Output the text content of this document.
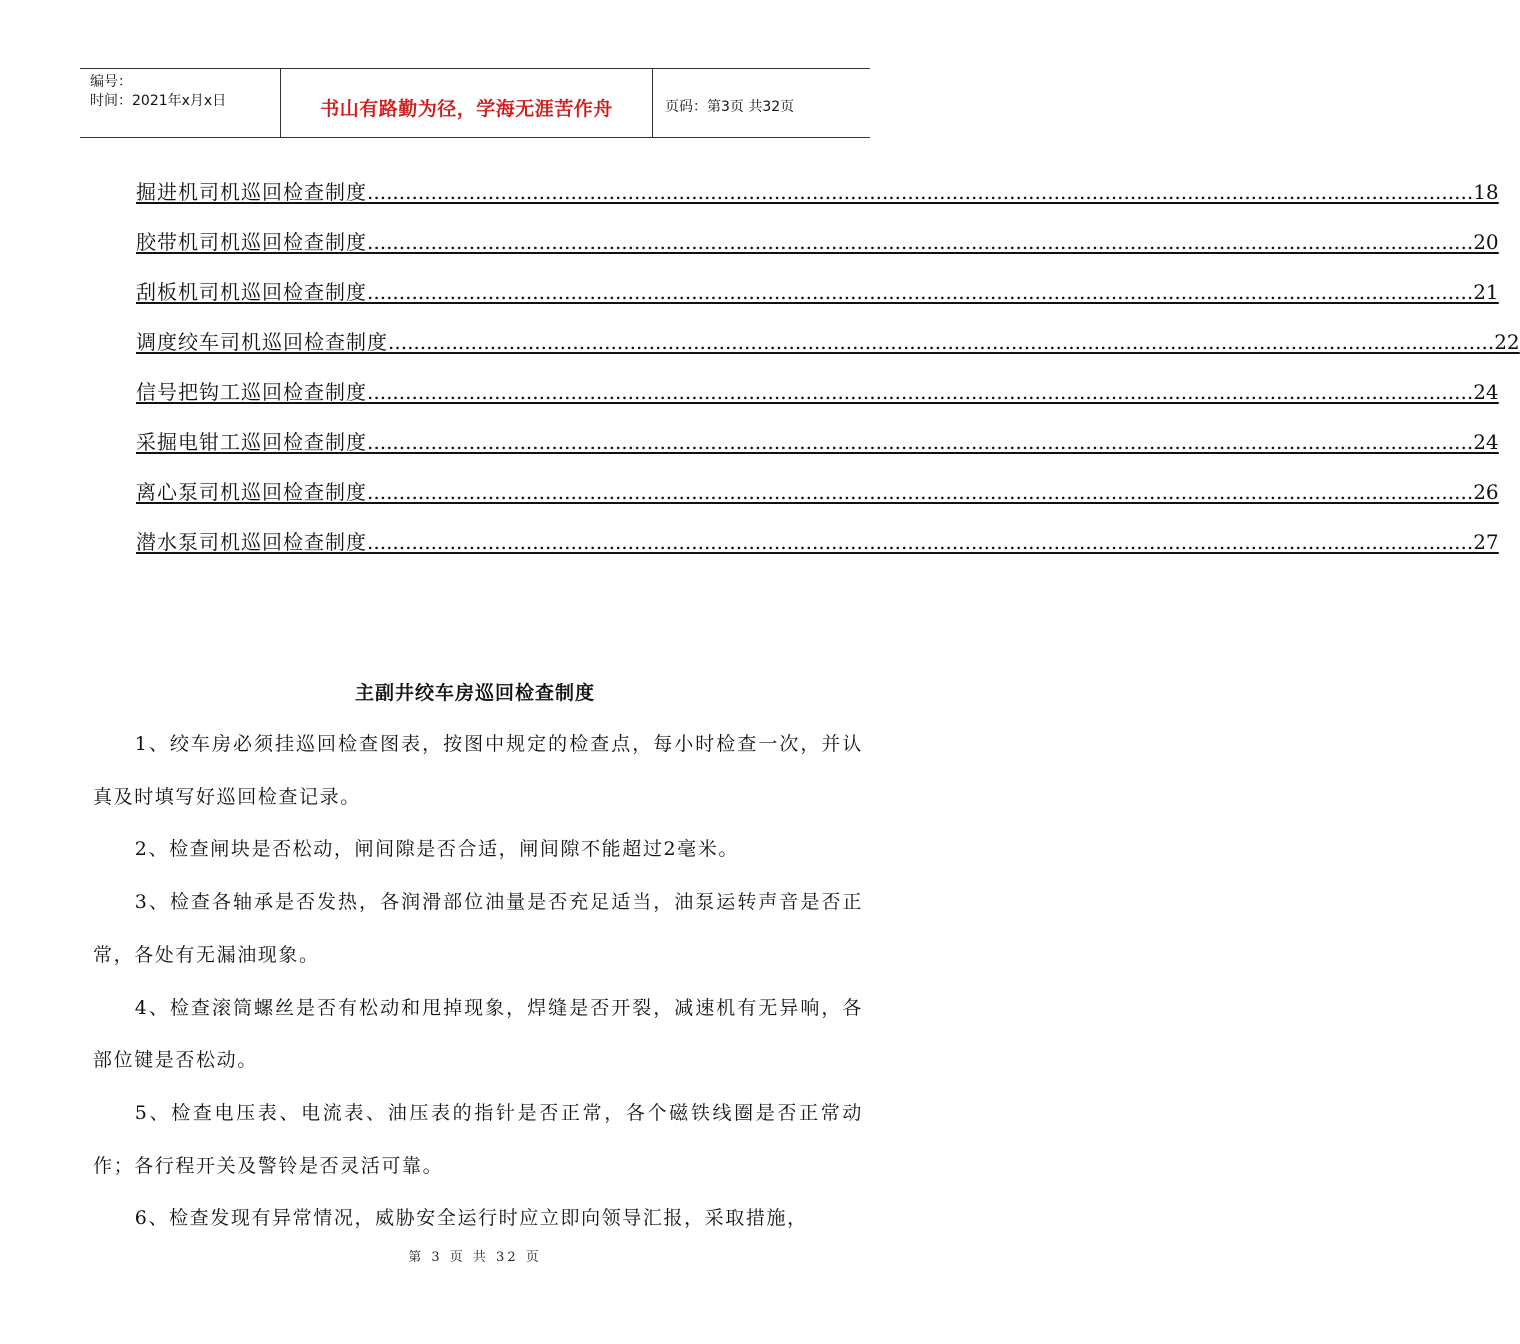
编号：
时间：2021年x月x日	书山有路勤为径，学海无涯苦作舟	页码：第3页 共32页
掘进机司机巡回检查制度 .............................................................................................................................................................................. 18
胶带机司机巡回检查制度 .............................................................................................................................................................................. 20
刮板机司机巡回检查制度 .............................................................................................................................................................................. 21
调度绞车司机巡回检查制度 .............................................................................................................................................................................. 22
信号把钩工巡回检查制度 .............................................................................................................................................................................. 24
采掘电钳工巡回检查制度 .............................................................................................................................................................................. 24
离心泵司机巡回检查制度 .............................................................................................................................................................................. 26
潜水泵司机巡回检查制度 .............................................................................................................................................................................. 27
主副井绞车房巡回检查制度

1、绞车房必须挂巡回检查图表，按图中规定的检查点，每小时检查一次，并认真及时填写好巡回检查记录。

2、检查闸块是否松动，闸间隙是否合适，闸间隙不能超过2毫米。

3、检查各轴承是否发热，各润滑部位油量是否充足适当，油泵运转声音是否正常，各处有无漏油现象。

4、检查滚筒螺丝是否有松动和甩掉现象，焊缝是否开裂，减速机有无异响，各部位键是否松动。

5、检查电压表、电流表、油压表的指针是否正常，各个磁铁线圈是否正常动作；各行程开关及警铃是否灵活可靠。

6、检查发现有异常情况，威胁安全运行时应立即向领导汇报，采取措施，

第 3 页 共 32 页
